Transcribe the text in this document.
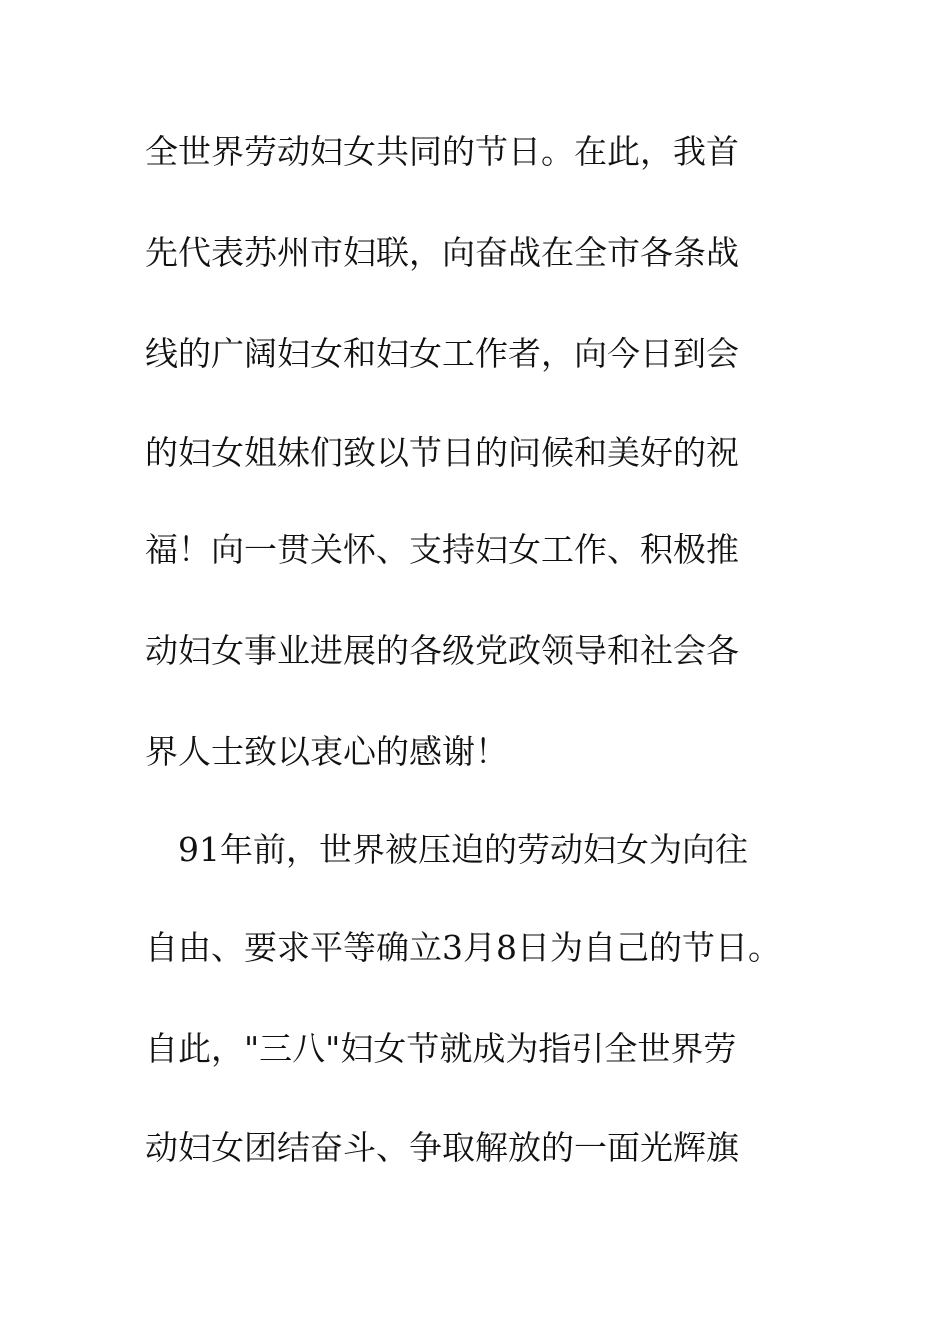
全世界劳动妇女共同的节日。在此，我首
先代表苏州市妇联，向奋战在全市各条战
线的广阔妇女和妇女工作者，向今日到会
的妇女姐妹们致以节日的问候和美好的祝
福！向一贯关怀、支持妇女工作、积极推
动妇女事业进展的各级党政领导和社会各
界人士致以衷心的感谢！
91年前，世界被压迫的劳动妇女为向往
自由、要求平等确立3月8日为自己的节日。
自此，"三八"妇女节就成为指引全世界劳
动妇女团结奋斗、争取解放的一面光辉旗
